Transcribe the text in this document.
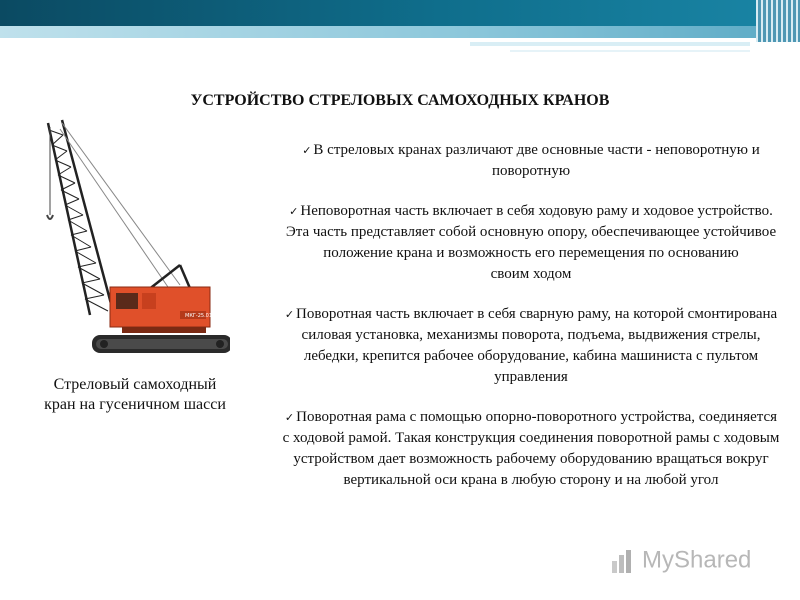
УСТРОЙСТВО СТРЕЛОВЫХ САМОХОДНЫХ КРАНОВ
МКГ-25.01
Стреловый самоходный кран на гусеничном шасси

✓ В стреловых кранах различают две основные части - неповоротную и поворотную

✓ Неповоротная часть включает в себя ходовую раму и ходовое устройство. Эта часть представляет собой основную опору, обеспечивающее устойчивое положение крана и возможность его перемещения по основанию
своим ходом

✓ Поворотная часть включает в себя сварную раму, на которой смонтирована силовая установка, механизмы поворота, подъема, выдвижения стрелы, лебедки, крепится рабочее оборудование, кабина машиниста с пультом управления

✓ Поворотная рама с помощью опорно-поворотного устройства, соединяется с ходовой рамой. Такая конструкция соединения поворотной рамы с ходовым устройством дает возможность рабочему оборудованию вращаться вокруг вертикальной оси крана в любую сторону и на любой угол

MyShared
